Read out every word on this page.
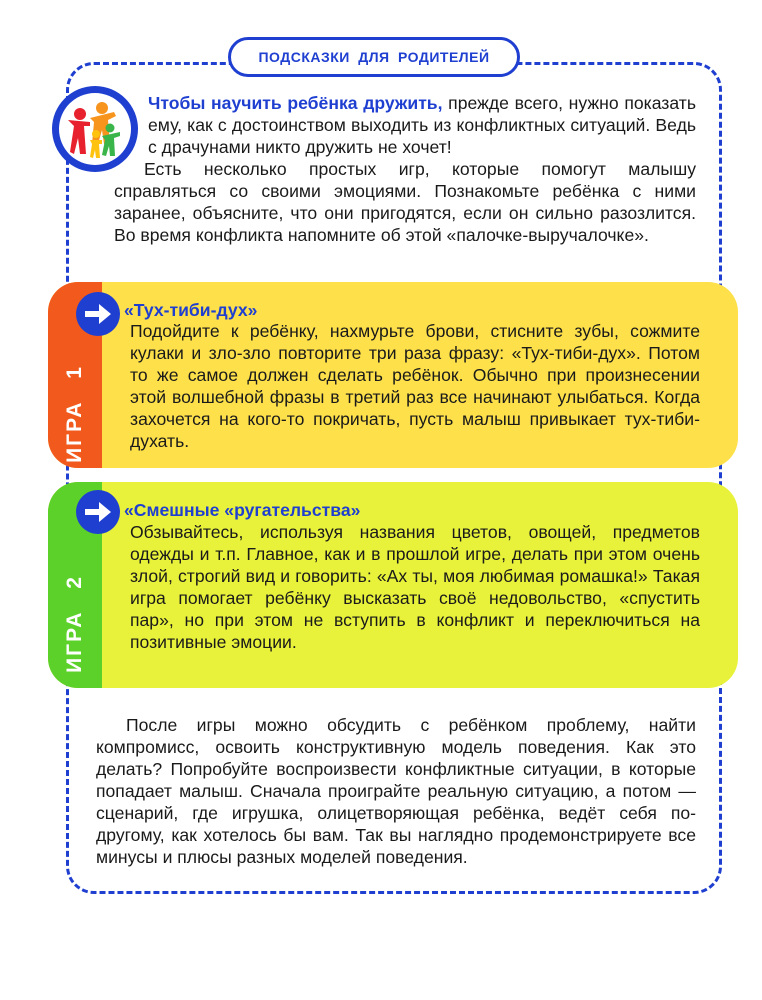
ПОДСКАЗКИ ДЛЯ РОДИТЕЛЕЙ

Чтобы научить ребёнка дружить, прежде всего, нужно показать ему, как с достоинством выходить из конфликтных ситуаций. Ведь с драчунами никто дружить не хочет!

Есть несколько простых игр, которые помогут малышу справляться со своими эмоциями. Познакомьте ребёнка с ними заранее, объясните, что они пригодятся, если он сильно разозлится. Во время конфликта напомните об этой «палочке-выручалочке».

ИГРА 1
«Тух-тиби-дух»

Подойдите к ребёнку, нахмурьте брови, стисните зубы, сожмите кулаки и зло-зло повторите три раза фразу: «Тух-тиби-дух». Потом то же самое должен сделать ребёнок. Обычно при произнесении этой волшебной фразы в третий раз все начинают улыбаться. Когда захочется на кого-то покричать, пусть малыш привыкает тух-тиби-духать.

ИГРА 2
«Смешные «ругательства»

Обзывайтесь, используя названия цветов, овощей, предметов одежды и т.п. Главное, как и в прошлой игре, делать при этом очень злой, строгий вид и говорить: «Ах ты, моя любимая ромашка!» Такая игра помогает ребёнку высказать своё недовольство, «спустить пар», но при этом не вступить в конфликт и переключиться на позитивные эмоции.

После игры можно обсудить с ребёнком проблему, найти компромисс, освоить конструктивную модель поведения. Как это делать? Попробуйте воспроизвести конфликтные ситуации, в которые попадает малыш. Сначала проиграйте реальную ситуацию, а потом — сценарий, где игрушка, олицетворяющая ребёнка, ведёт себя по-другому, как хотелось бы вам. Так вы наглядно продемонстрируете все минусы и плюсы разных моделей поведения.
